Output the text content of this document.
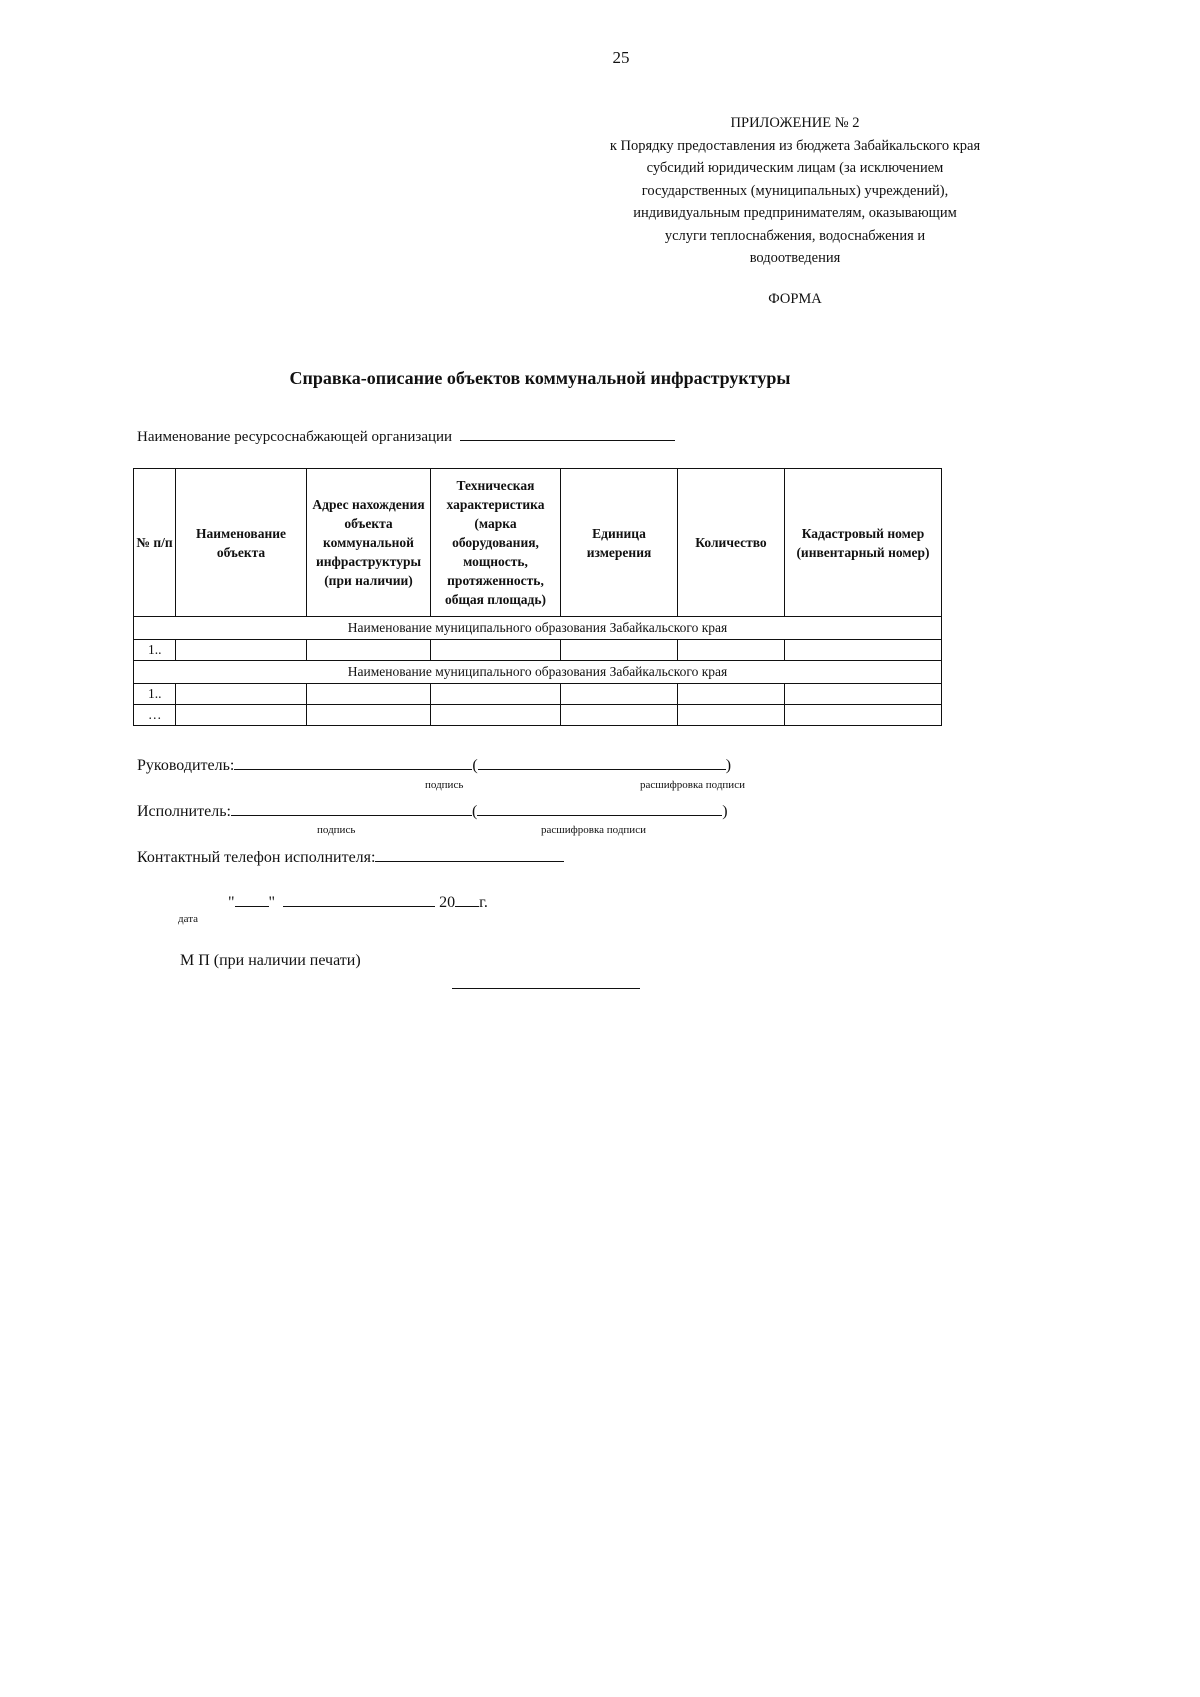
25
ПРИЛОЖЕНИЕ № 2
к Порядку предоставления из бюджета Забайкальского края
субсидий юридическим лицам (за исключением
государственных (муниципальных) учреждений),
индивидуальным предпринимателям, оказывающим
услуги теплоснабжения, водоснабжения и
водоотведения
ФОРМА
Справка-описание объектов коммунальной инфраструктуры
Наименование ресурсоснабжающей организации
№ п/п	Наименование объекта	Адрес нахождения объекта коммунальной инфраструктуры (при наличии)	Техническая характеристика (марка оборудования, мощность, протяженность, общая площадь)	Единица измерения	Количество	Кадастровый номер (инвентарный номер)
Наименование муниципального образования Забайкальского края						
1..						
Наименование муниципального образования Забайкальского края						
1..						
…						
Руководитель:	(	)
подпись	расшифровка подписи
Исполнитель:	(	)
подпись	расшифровка подписи
Контактный телефон исполнителя:
" "	20 г.
дата
М П (при наличии печати)
